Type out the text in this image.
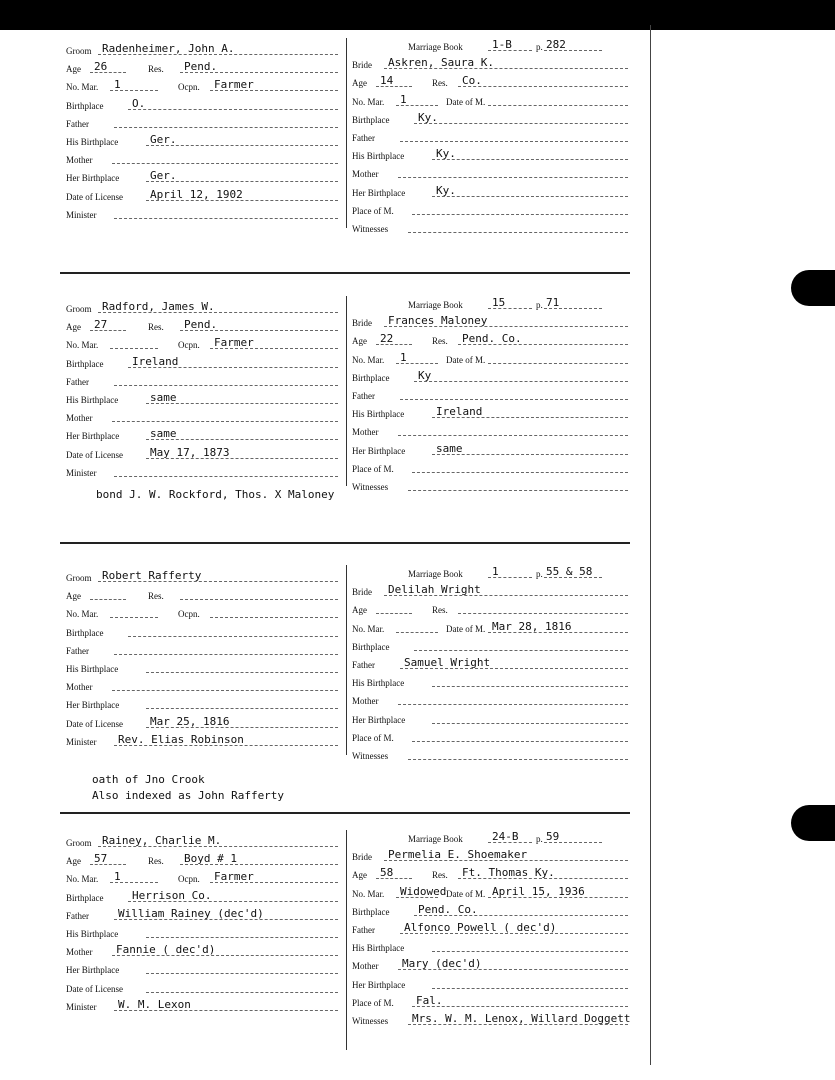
Groom Radenheimer, John A.
Age 26	Res. Pend.
No. Mar. 1	Ocpn. Farmer
Birthplace	O.
Father
His Birthplace	Ger.
Mother
Her Birthplace	Ger.
Date of License April 12, 1902
Minister
Marriage Book	1-B	p. 282
Bride Askren, Saura K.
Age 14	Res. Co.
No. Mar. 1	Date of M.
Birthplace	Ky.
Father
His Birthplace	Ky.
Mother
Her Birthplace	Ky.
Place of M.
Witnesses
Groom Radford, James W.
Age 27	Res. Pend.
No. Mar.	Ocpn. Farmer
Birthplace	Ireland
Father
His Birthplace	same
Mother
Her Birthplace	same
Date of License May 17, 1873
Minister
Marriage Book	15	p. 71
Bride Frances Maloney
Age 22	Res. Pend. Co.
No. Mar. 1	Date of M.
Birthplace	Ky
Father
His Birthplace	Ireland
Mother
Her Birthplace	same
Place of M.
Witnesses
bond J. W. Rockford, Thos. X Maloney
Groom Robert Rafferty
Age	Res.
No. Mar.	Ocpn.
Birthplace
Father
His Birthplace
Mother
Her Birthplace
Date of License Mar 25, 1816
Minister Rev. Elias Robinson
Marriage Book	1	p. 55 & 58
Bride Delilah Wright
Age	Res.
No. Mar.	Date of M. Mar 28, 1816
Birthplace
Father	Samuel Wright
His Birthplace
Mother
Her Birthplace
Place of M.
Witnesses
oath of Jno Crook
Also indexed as John Rafferty
Groom Rainey, Charlie M.
Age 57	Res. Boyd # 1
No. Mar. 1	Ocpn. Farmer
Birthplace	Herrison Co.
Father	William Rainey (dec'd)
His Birthplace
Mother Fannie ( dec'd)
Her Birthplace
Date of License
Minister W. M. Lexon
Marriage Book	24-B p. 59
Bride Permelia E. Shoemaker
Age 58	Res. Ft. Thomas Ky.
No. Mar. Widowed Date of M. April 15, 1936
Birthplace	Pend. Co.
Father	Alfonco Powell ( dec'd)
His Birthplace
Mother Mary (dec'd)
Her Birthplace
Place of M. Fal.
Witnesses Mrs. W. M. Lenox, Willard Doggett
